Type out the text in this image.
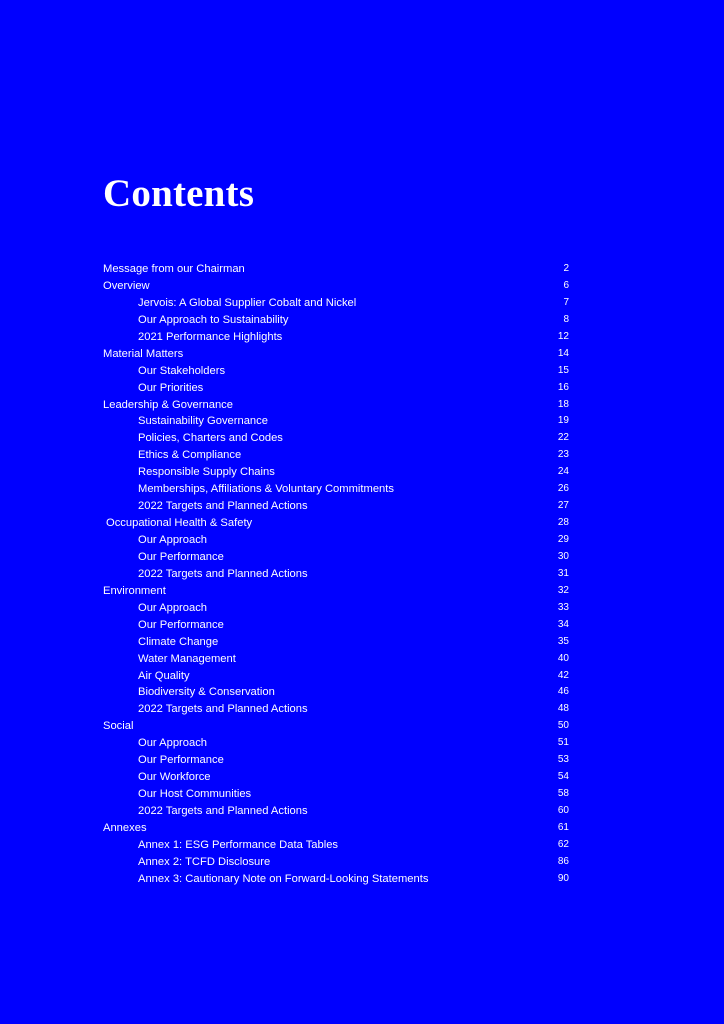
Contents
Message from our Chairman	2
Overview	6
Jervois: A Global Supplier Cobalt and Nickel	7
Our Approach to Sustainability	8
2021 Performance Highlights	12
Material Matters	14
Our Stakeholders	15
Our Priorities	16
Leadership & Governance	18
Sustainability Governance	19
Policies, Charters and Codes	22
Ethics & Compliance	23
Responsible Supply Chains	24
Memberships, Affiliations & Voluntary Commitments	26
2022 Targets and Planned Actions	27
Occupational Health & Safety	28
Our Approach	29
Our Performance	30
2022 Targets and Planned Actions	31
Environment	32
Our Approach	33
Our Performance	34
Climate Change	35
Water Management	40
Air Quality	42
Biodiversity & Conservation	46
2022 Targets and Planned Actions	48
Social	50
Our Approach	51
Our Performance	53
Our Workforce	54
Our Host Communities	58
2022 Targets and Planned Actions	60
Annexes	61
Annex 1: ESG Performance Data Tables	62
Annex 2: TCFD Disclosure	86
Annex 3: Cautionary Note on Forward-Looking Statements	90
